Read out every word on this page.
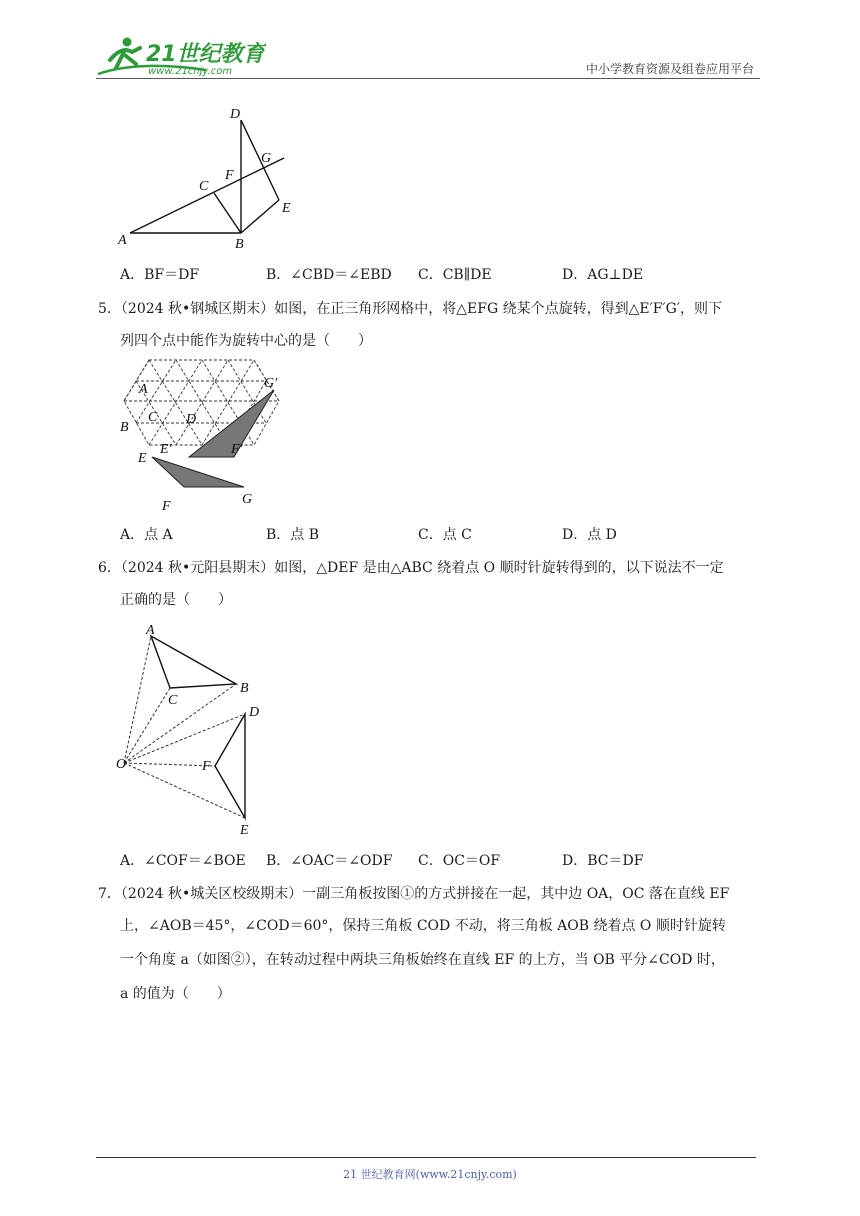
21世纪教育
www.21cnjy.com	中小学教育资源及组卷应用平台
D
G
C
F
E
A	B
A．BF＝DF	B．∠CBD＝∠EBD C．CB∥DE	D．AG⊥DE
5．（2024 秋•钢城区期末）如图，在正三角形网格中，将△EFG 绕某个点旋转，得到△E′F′G′，则下
列四个点中能作为旋转中心的是（　　）
A	G′
C
B
D
E′	F′
E
F	G
A．点 A	B．点 B	C．点 C	D．点 D
6．（2024 秋•元阳县期末）如图，△DEF 是由△ABC 绕着点 O 顺时针旋转得到的，以下说法不一定
正确的是（　　）
A
C
B
D
O	F
E
A．∠COF＝∠BOE B．∠OAC＝∠ODF C．OC＝OF	D．BC＝DF
7．（2024 秋•城关区校级期末）一副三角板按图①的方式拼接在一起，其中边 OA，OC 落在直线 EF
上，∠AOB＝45°，∠COD＝60°，保持三角板 COD 不动，将三角板 AOB 绕着点 O 顺时针旋转
一个角度 a（如图②），在转动过程中两块三角板始终在直线 EF 的上方，当 OB 平分∠COD 时，
a 的值为（　　）
21 世纪教育网(www.21cnjy.com)
